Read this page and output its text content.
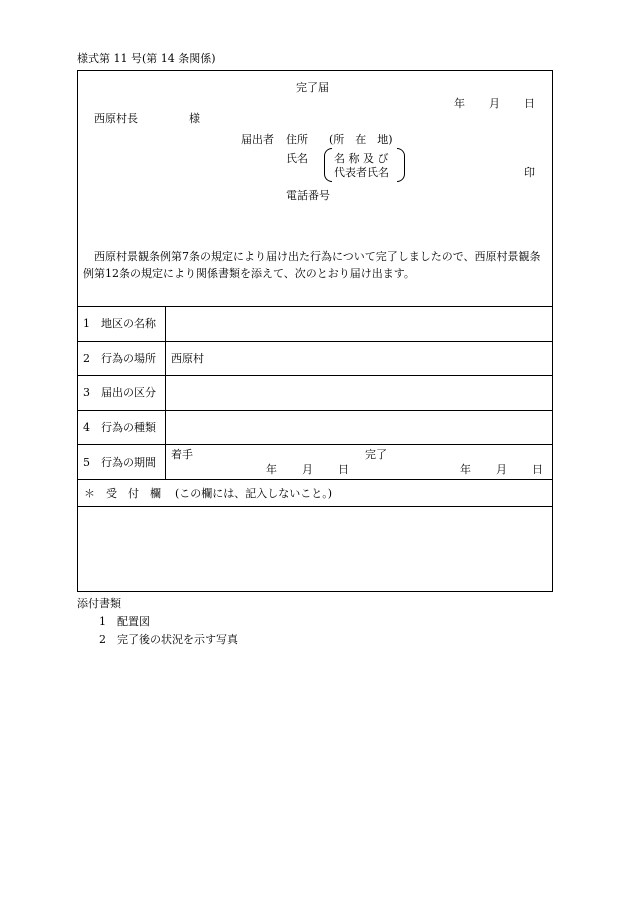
様式第 11 号(第 14 条関係)
完了届
年 月 日
西原村長	様
届出者 住所 (所　在　地)
氏名 名 称 及 び
代表者氏名	印
電話番号

西原村景観条例第7条の規定により届け出た行為について完了しましたので、西原村景観条例第12条の規定により関係書類を添えて、次のとおり届け出ます。

1　 地区の名称
2　 行為の場所 西原村
3　 届出の区分
4　 行為の種類
5　 行為の期間
着手
年 月 日
完了
年 月 日
＊ 受　付　欄 (この欄には、記入しないこと。)
添付書類
1　 配置図
2　 完了後の状況を示す写真
